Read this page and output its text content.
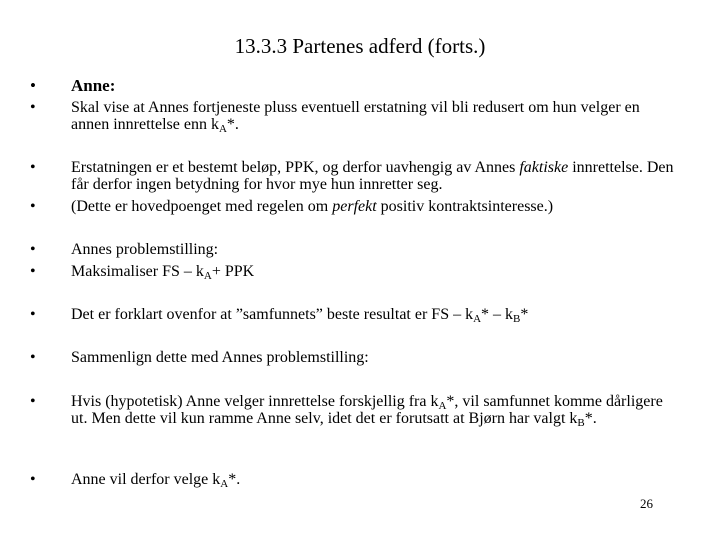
13.3.3 Partenes adferd (forts.)
• Anne:
• Skal vise at Annes fortjeneste pluss eventuell erstatning vil bli redusert om hun velger en annen innrettelse enn $k_A*$.
• Erstatningen er et bestemt beløp, PPK, og derfor uavhengig av Annes faktiske innrettelse. Den får derfor ingen betydning for hvor mye hun innretter seg.
• (Dette er hovedpoenget med regelen om perfekt positiv kontraktsinteresse.)
• Annes problemstilling:
• Maksimaliser FS – $k_A+$ PPK
• Det er forklart ovenfor at ”samfunnets” beste resultat er FS – $k_A* - k_B*$
• Sammenlign dette med Annes problemstilling:
• Hvis (hypotetisk) Anne velger innrettelse forskjellig fra $k_A*$, vil samfunnet komme dårligere ut. Men dette vil kun ramme Anne selv, idet det er forutsatt at Bjørn har valgt $k_B*$.
• Anne vil derfor velge $k_A*$.
26
